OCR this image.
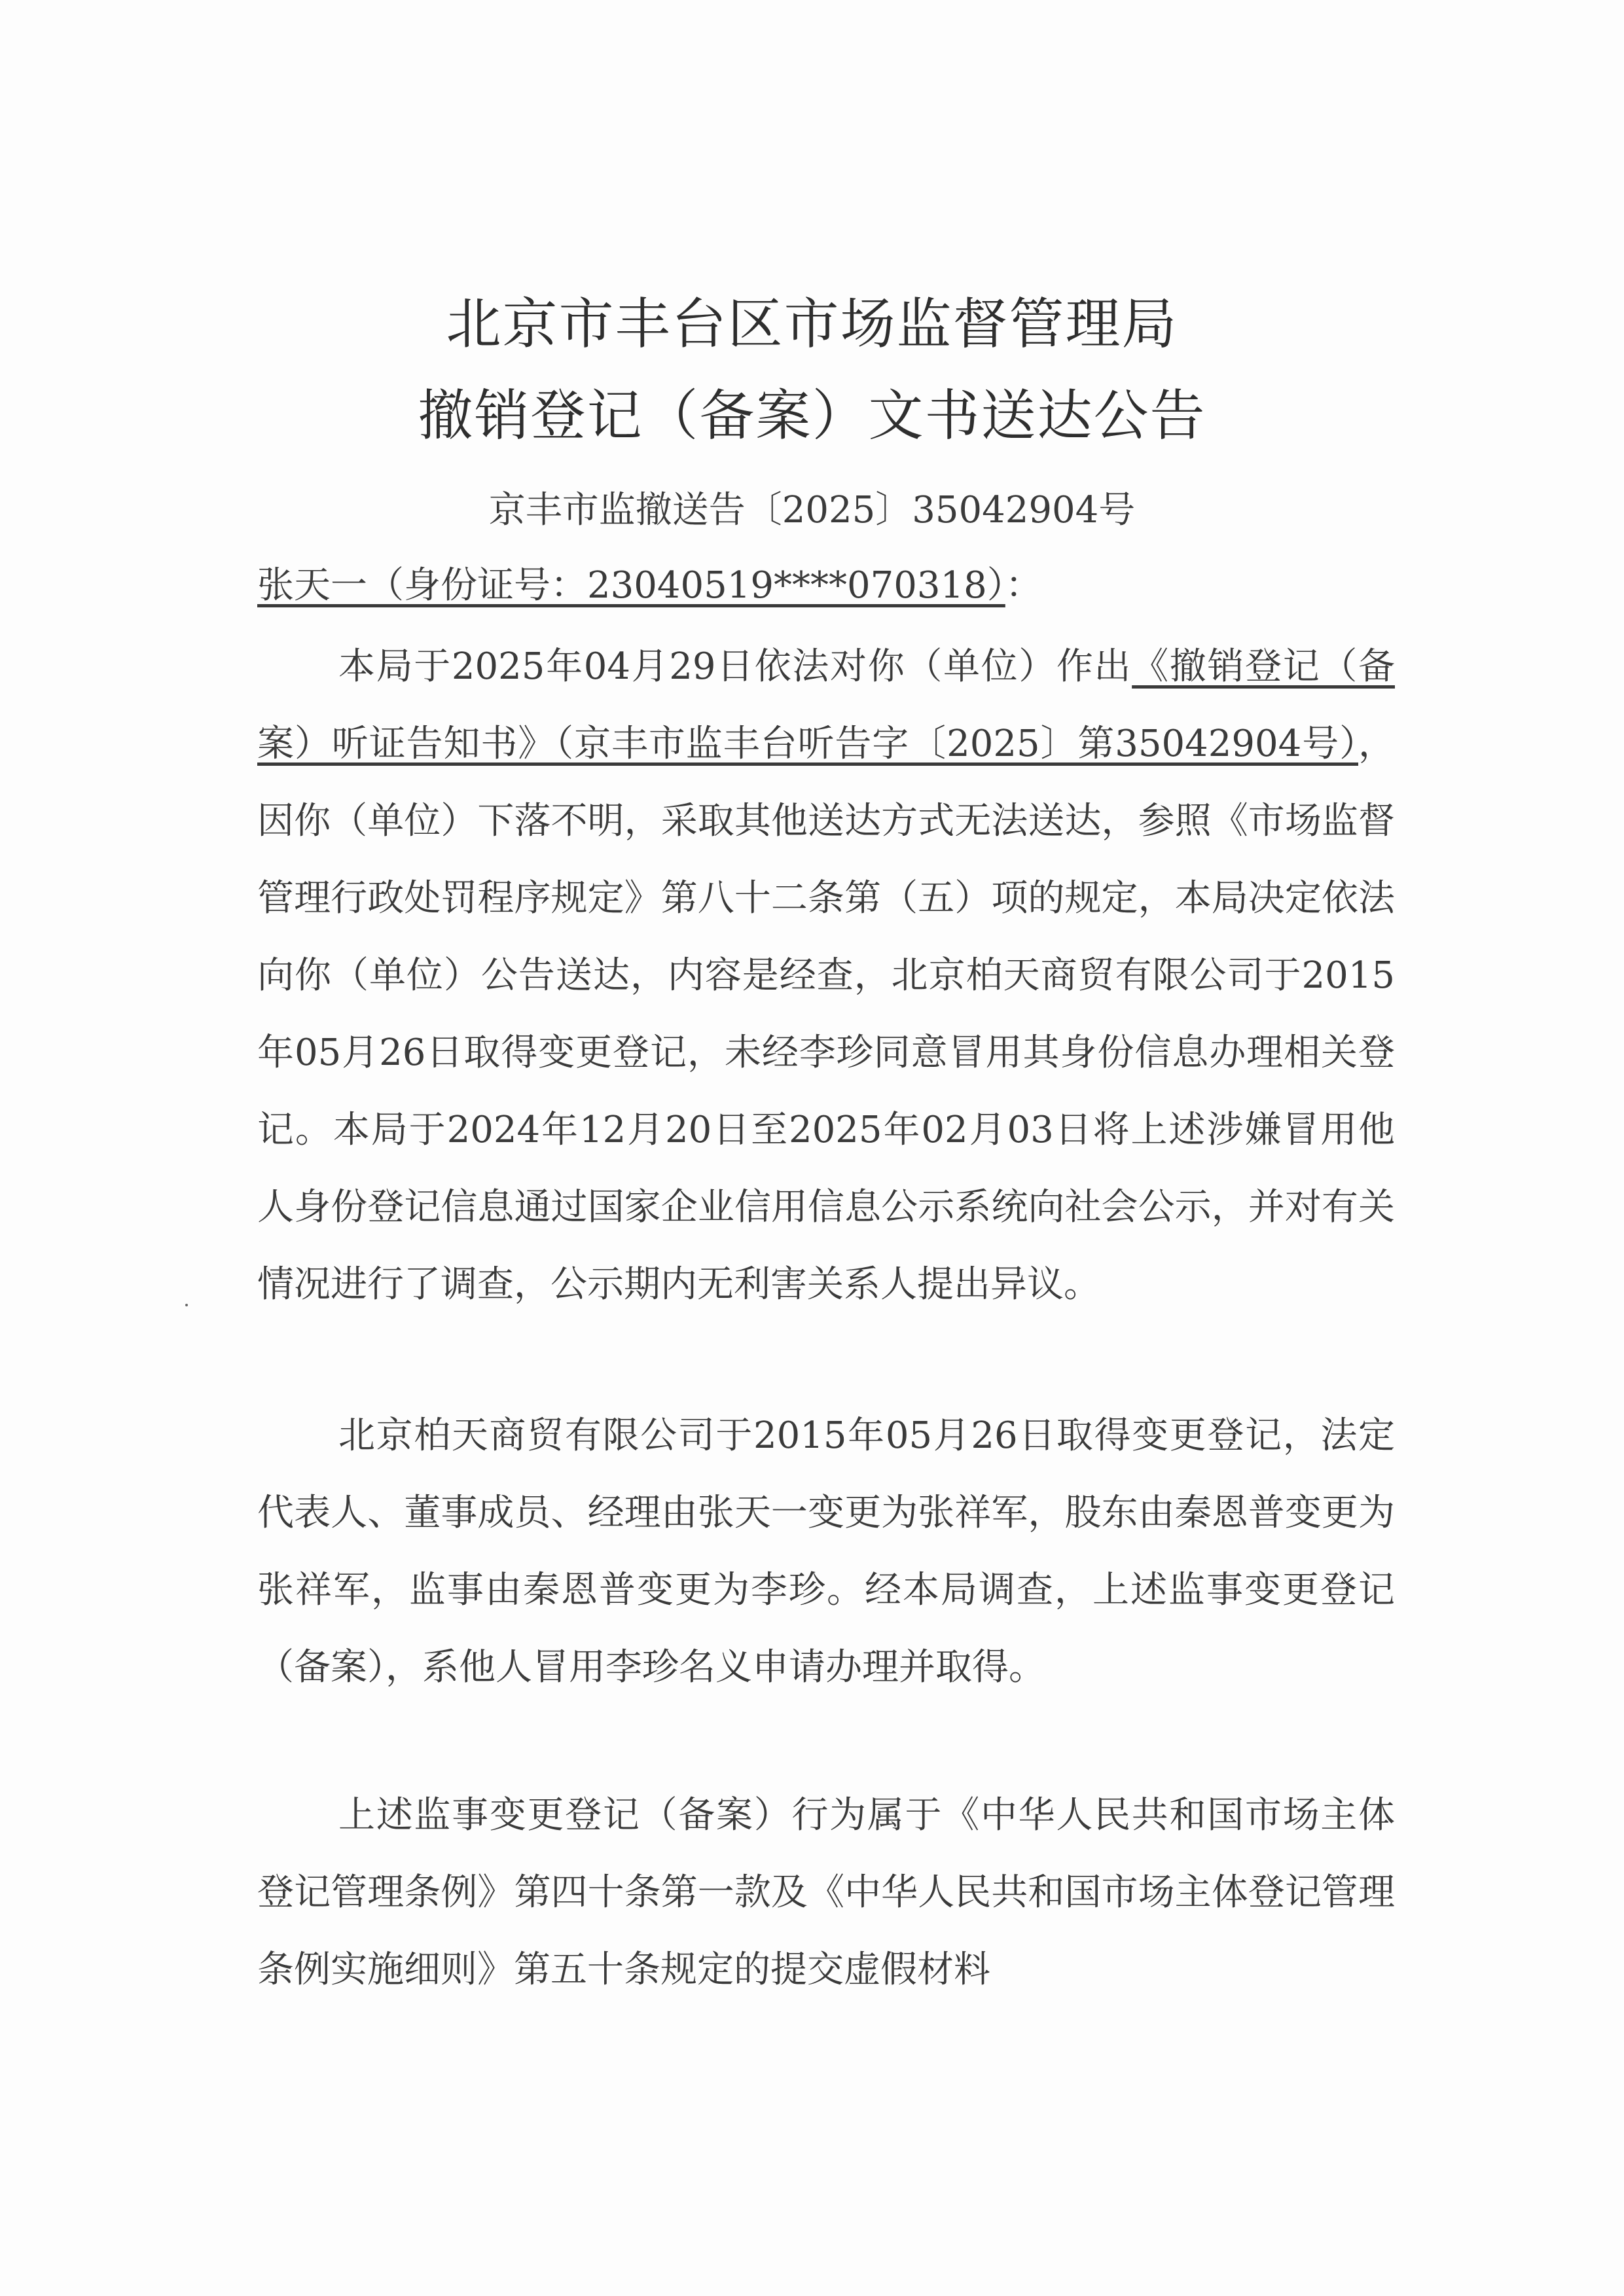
北京市丰台区市场监督管理局
撤销登记（备案）文书送达公告
京丰市监撤送告〔2025〕35042904号
张天一（身份证号：23040519****070318）：

本局于2025年04月29日依法对你（单位）作出《撤销登记（备案）听证告知书》（京丰市监丰台听告字〔2025〕第35042904号），因你（单位）下落不明，采取其他送达方式无法送达，参照《市场监督管理行政处罚程序规定》第八十二条第（五）项的规定，本局决定依法向你（单位）公告送达，内容是经查，北京柏天商贸有限公司于2015年05月26日取得变更登记，未经李珍同意冒用其身份信息办理相关登记。本局于2024年12月20日至2025年02月03日将上述涉嫌冒用他人身份登记信息通过国家企业信用信息公示系统向社会公示，并对有关情况进行了调查，公示期内无利害关系人提出异议。

北京柏天商贸有限公司于2015年05月26日取得变更登记，法定代表人、董事成员、经理由张天一变更为张祥军，股东由秦恩普变更为张祥军，监事由秦恩普变更为李珍。经本局调查，上述监事变更登记（备案），系他人冒用李珍名义申请办理并取得。

上述监事变更登记（备案）行为属于《中华人民共和国市场主体登记管理条例》第四十条第一款及《中华人民共和国市场主体登记管理条例实施细则》第五十条规定的提交虚假材料
